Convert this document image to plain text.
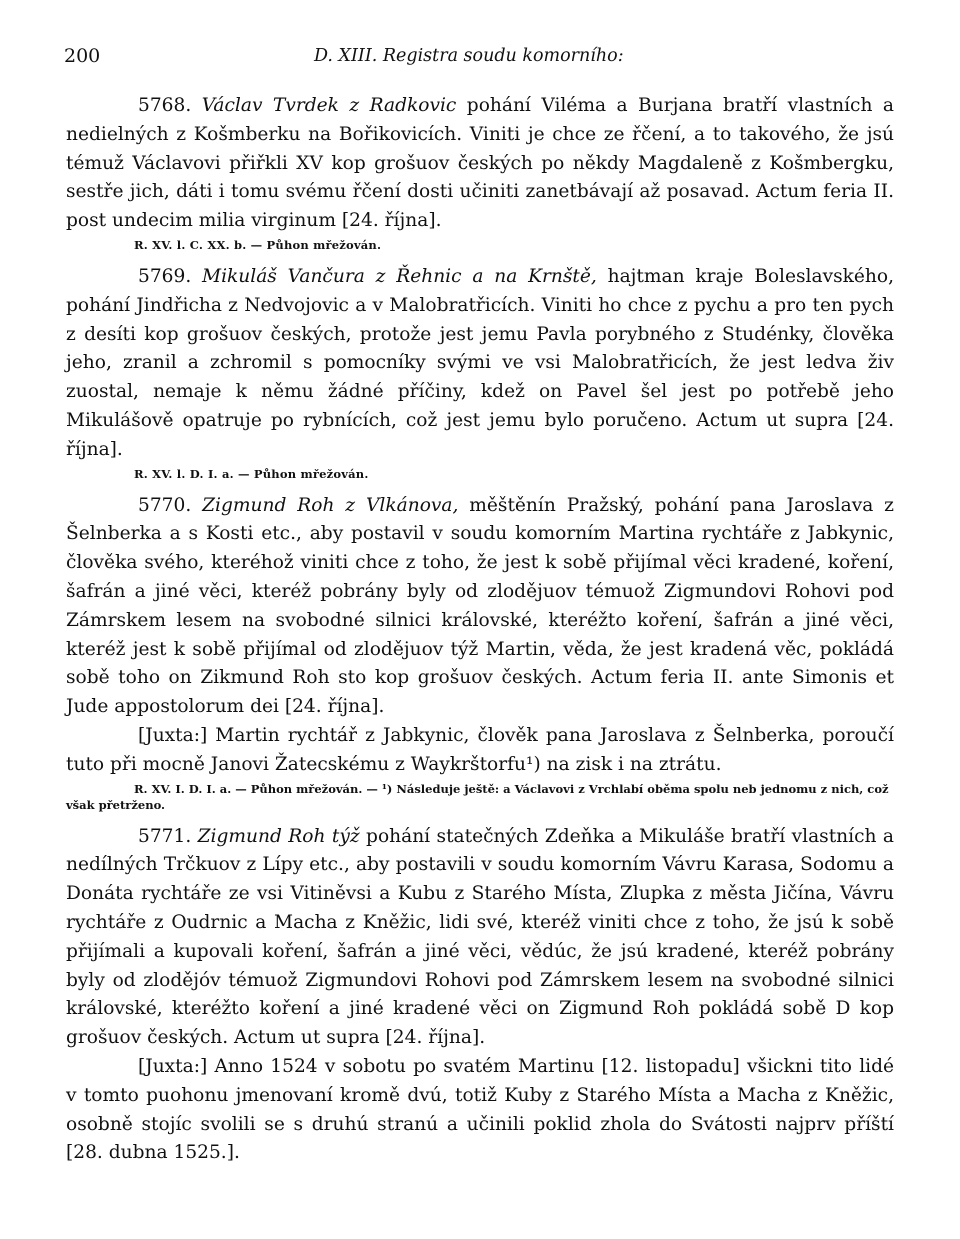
200	D. XIII. Registra soudu komorního:

5768. Václav Tvrdek z Radkovic pohání Viléma a Burjana bratří vlastních a nedielných z Košmberku na Bořikovicích. Viniti je chce ze řčení, a to takového, že jsú témuž Václavovi přiřkli XV kop grošuov českých po někdy Magdaleně z Košmbergku, sestře jich, dáti i tomu svému řčení dosti učiniti zanetbávají až posavad. Actum feria II. post undecim milia virginum [24. října].

R. XV. l. C. XX. b. — Půhon mřežován.

5769. Mikuláš Vančura z Řehnic a na Krnště, hajtman kraje Boleslavského, pohání Jindřicha z Nedvojovic a v Malobratřicích. Viniti ho chce z pychu a pro ten pych z desíti kop grošuov českých, protože jest jemu Pavla porybného z Studénky, člověka jeho, zranil a zchromil s pomocníky svými ve vsi Malobratřicích, že jest ledva živ zuostal, nemaje k němu žádné příčiny, kdež on Pavel šel jest po potřebě jeho Mikulášově opatruje po rybnících, což jest jemu bylo poručeno. Actum ut supra [24. října].

R. XV. l. D. I. a. — Půhon mřežován.

5770. Zigmund Roh z Vlkánova, měštěnín Pražský, pohání pana Jaroslava z Šelnberka a s Kosti etc., aby postavil v soudu komorním Martina rychtáře z Jabkynic, člověka svého, kteréhož viniti chce z toho, že jest k sobě přijímal věci kradené, koření, šafrán a jiné věci, kteréž pobrány byly od zlodějuov témuož Zigmundovi Rohovi pod Zámrskem lesem na svobodné silnici královské, kteréžto koření, šafrán a jiné věci, kteréž jest k sobě přijímal od zlodějuov týž Martin, věda, že jest kradená věc, pokládá sobě toho on Zikmund Roh sto kop grošuov českých. Actum feria II. ante Simonis et Jude appostolorum dei [24. října].

[Juxta:] Martin rychtář z Jabkynic, člověk pana Jaroslava z Šelnberka, poroučí tuto při mocně Janovi Žatecskému z Waykrštorfu¹) na zisk i na ztrátu.

R. XV. I. D. I. a. — Půhon mřežován. — ¹) Následuje ještě: a Václavovi z Vrchlabí oběma spolu neb jednomu z nich, což však přetrženo.

5771. Zigmund Roh týž pohání statečných Zdeňka a Mikuláše bratří vlastních a nedílných Trčkuov z Lípy etc., aby postavili v soudu komorním Vávru Karasa, Sodomu a Donáta rychtáře ze vsi Vitiněvsi a Kubu z Starého Místa, Zlupka z města Jičína, Vávru rychtáře z Oudrnic a Macha z Kněžic, lidi své, kteréž viniti chce z toho, že jsú k sobě přijímali a kupovali koření, šafrán a jiné věci, vědúc, že jsú kradené, kteréž pobrány byly od zlodějóv témuož Zigmundovi Rohovi pod Zámrskem lesem na svobodné silnici královské, kteréžto koření a jiné kradené věci on Zigmund Roh pokládá sobě D kop grošuov českých. Actum ut supra [24. října].

[Juxta:] Anno 1524 v sobotu po svatém Martinu [12. listopadu] všickni tito lidé v tomto puohonu jmenovaní kromě dvú, totiž Kuby z Starého Místa a Macha z Kněžic, osobně stojíc svolili se s druhú stranú a učinili poklid zhola do Svátosti najprv příští [28. dubna 1525.].
